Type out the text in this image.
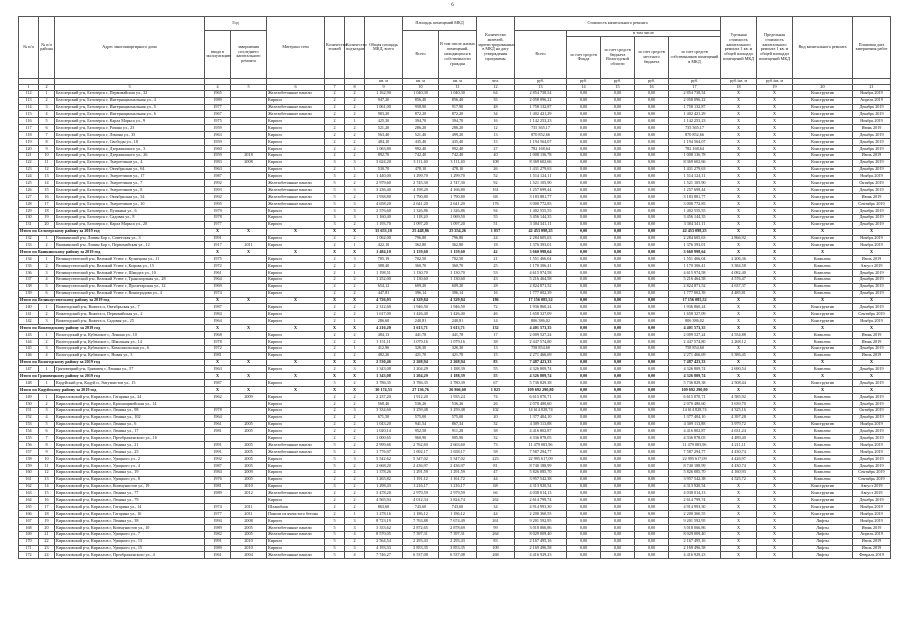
6
№ п/п	№ п/п района	Адрес многоквартирного дома	Год		Материал стен	Количество этажей	Количество подъездов	Общая площадь МКД, всего	Площадь помещений МКД		Количество жителей, зарегистрированных в МКД на дату утверждения программы	Стоимость капитального ремонта					Удельная стоимость капитального ремонта 1 кв. м общей площади помещений МКД	Предельная стоимость капитального ремонта 1 кв. м общей площади помещений МКД	Вид капитального ремонта	Плановая дата завершения работ
			ввода в эксплуатацию	завершения последнего капитального ремонта					Всего	В том числе жилых помещений, находящихся в собственности граждан		Всего	в том числе							
													за счет средств Фонда	за счет средств бюджета Вологодской области	за счет средств местного бюджета	за счет средств собственников помещений в МКД				
								кв. м	кв. м	кв. м	чел.	руб.	руб.	руб.	руб.	руб.	руб./кв. м	руб./кв. м		
1	2	3	4	5	6	7	8	9	10	11	12	13	14	15	16	17	18	19	20	21
112	1	Белозерский р-н, Белозерск г, Первомайская ул., 32	1965		Железобетонные панели	2	2	1 162,90	1 040,30	1 040,30	64	2 854 738,54	0,00	0,00	0,00	2 854 738,54	X	X	Конструктив	Ноябрь 2019
113	2	Белозерский р-н, Белозерск г, Интернациональная ул., 4	1989		Кирпич	2	2	947,20	856,40	856,40	35	2 058 096,22	0,00	0,00	0,00	2 058 096,22	X	X	Конструктив	Апрель 2019
114	3	Белозерский р-н, Белозерск г, Интернациональная ул., 5	1977		Железобетонные панели	2	2	1 061,00	958,90	917,90	48	1 758 132,87	0,00	0,00	0,00	1 758 132,87	X	X	Конструктив	Декабрь 2019
115	4	Белозерский р-н, Белозерск г, Интернациональная ул., 6	1967		Железобетонные панели	2	2	983,20	872,20	872,20	34	1 402 421,29	0,00	0,00	0,00	1 402 421,29	X	X	Конструктив	Декабрь 2019
116	5	Белозерский р-н, Белозерск г, Карла Маркса ул., 9	1975		Кирпич	2	1	425,30	394,70	394,70	16	1 142 253,23	0,00	0,00	0,00	1 142 253,23	X	X	Конструктив	Ноябрь 2019
117	6	Белозерский р-н, Белозерск г, Разина ул., 23	1959		Кирпич	2	2	521,20	286,20	286,20	12	735 365,17	0,00	0,00	0,00	735 365,17	X	X	Конструктив	Июнь 2019
118	7	Белозерский р-н, Белозерск г, Ленина ул., 35	1963		Кирпич	2	2	563,40	521,40	499,20	13	870 852,66	0,00	0,00	0,00	870 852,66	X	X	Конструктив	Декабрь 2019
119	8	Белозерский р-н, Белозерск г, Свободы ул., 18	1959		Кирпич	2	2	484,10	435,40	435,40	15	1 194 564,07	0,00	0,00	0,00	1 194 564,07	X	X	Конструктив	Декабрь 2019
120	9	Белозерский р-н, Белозерск г, Дзержинского ул., 3	1960		Кирпич	2	2	1 063,80	992,40	992,40	27	782 168,64	0,00	0,00	0,00	782 168,64	X	X	Конструктив	Декабрь 2019
121	10	Белозерский р-н, Белозерск г, Дзержинского ул., 26	1959	2018	Кирпич	2	2	892,70	742,40	742,40	40	1 008 136,78	0,00	0,00	0,00	1 008 136,78	X	X	Конструктив	Июль 2019
122	11	Белозерский р-н, Белозерск г, Энергетиков ул., 4	1983	2008	Кирпич	3	3	3 624,20	3 111,40	3 111,40	108	8 369 602,66	0,00	0,00	0,00	8 369 602,66	X	X	Конструктив	Декабрь 2019
123	12	Белозерский р-н, Белозерск г, Октябрьская ул., 64	1963		Кирпич	2	1	530,70	478,10	478,10	26	1 431 279,63	0,00	0,00	0,00	1 431 279,63	X	X	Конструктив	Декабрь 2019
124	13	Белозерский р-н, Белозерск г, Энергетиков ул., 17	1987		Кирпич	3	2	1 440,00	1 299,70	1 299,70	52	1 514 124,11	0,00	0,00	0,00	1 514 124,11	X	X	Конструктив	Ноябрь 2019
125	14	Белозерский р-н, Белозерск г, Энергетиков ул., 7	1992		Железобетонные панели	5	2	2 979,60	2 745,30	2 747,30	92	1 521 105,90	0,00	0,00	0,00	1 521 105,90	X	X	Конструктив	Октябрь 2019
126	15	Белозерский р-н, Белозерск г, Энергетиков ул., 8	1993		Железобетонные панели	5	3	3 236,40	4 198,20	4 166,80	161	1 257 699,44	0,00	0,00	0,00	1 257 699,44	X	X	Конструктив	Декабрь 2019
127	16	Белозерский р-н, Белозерск г, Октябрьская ул., 54	1992		Железобетонные панели	5	2	1 938,80	1 790,80	1 790,80	68	3 183 881,77	0,00	0,00	0,00	3 183 881,77	X	X	Конструктив	Июнь 2019
128	17	Белозерский р-н, Белозерск г, Энергетиков ул., 10	1995		Железобетонные панели	5	3	4 658,20	2 641,20	2 641,20	176	3 000 772,85	0,00	0,00	0,00	3 000 772,85	X	X	Конструктив	Сентябрь 2019
129	18	Белозерский р-н, Белозерск г, Пушкина ул., 6	1979		Кирпич	3	3	2 576,60	1 326,86	1 326,86	94	1 402 555,55	0,00	0,00	0,00	1 402 555,55	X	X	Конструктив	Декабрь 2019
130	19	Белозерский р-н, Белозерск г, Садовая ул., 8	1978		Кирпич	3	3	1 160,40	1 118,20	1 069,50	55	3 456 144,35	0,00	0,00	0,00	3 456 144,35	X	X	Конструктив	Декабрь 2019
131	20	Белозерский р-н, Белозерск г, Карла Маркса ул., 20	1977		Кирпич	3	2	1 193,70	1 097,20	1 097,20	51	3 304 341,11	0,00	0,00	0,00	3 304 341,11	X	X	Конструктив	Декабрь 2019
Итого по Белозерскому району за 2019 год			X	X	X	X	X	35 653,10	25 448,86	25 254,26	1 057	42 453 098,25	0,00	0,00	0,00	42 453 098,25	X	X	X	X
132	1	Вашкинский р-н, Липин Бор с, Советская ул., 3	1991		Кирпич	2	2	1 062,00	796,80	796,80	24	2 284 605,63	0,00	0,00	0,00	2 284 605,63	2 866,92	X	Конструктив	Ноябрь 2019
133	2	Вашкинский р-н, Липин Бор с, Первомайская ул., 12	1917	2011	Кирпич	2	1	422,10	362,80	362,80	18	1 376 393,01	0,00	0,00	0,00	1 376 393,01	X	X	Конструктив	Ноябрь 2019
Итого по Вашкинскому району за 2019 год			X	X	X	X	X	1 484,10	1 159,60	1 159,60	42	3 660 998,64	0,00	0,00	0,00	3 660 998,64	X	X	X	X
134	1	Великоустюгский р-н, Великий Устюг г, Кузнецова ул., 11	1975		Кирпич	2	3	785,19	702,50	702,50	21	1 551 466,04	0,00	0,00	0,00	1 551 466,04	2 206,36	X	Комплекс	Июль 2019
135	2	Великоустюгский р-н, Великий Устюг г, Кирова ул., 15	1972		Кирпич	2	2	388,40	360,70	360,70	25	1 170 306,41	0,00	0,00	0,00	1 170 306,41	3 384,58	X	Комплекс	Август 2019
136	3	Великоустюгский р-н, Великий Устюг г, Шмидта ул., 10	1961		Кирпич	2	1	1 198,51	1 130,70	1 130,70	53	4 615 974,58	0,00	0,00	0,00	4 615 974,58	4 082,40	X	Комплекс	Декабрь 2019
137	4	Великоустюгский р-н, Великий Устюг г, Транспортная ул., 28	1964		Кирпич	2	2	1 252,00	1 130,60	1 130,60	43	5 216 464,58	0,00	0,00	0,00	5 216 464,58	4 576,47	X	Комплекс	Декабрь 2019
138	5	Великоустюгский р-н, Великий Устюг г, Пролетарская ул., 12	1969		Кирпич	2	2	654,12	609,20	609,20	28	2 824 871,52	0,00	0,00	0,00	2 824 871,52	4 637,37	X	Комплекс	Декабрь 2019
139	6	Великоустюгский р-н, Великий Устюг г, Виноградова ул., 4	1974		Кирпич	2	2	447,81	396,14	396,14	16	1 777 002,39	0,00	0,00	0,00	1 777 002,39	4 485,81	X	Комплекс	Декабрь 2019
Итого по Великоустюгскому району за 2019 год			X	X	X	X	X	4 726,03	4 329,84	4 329,84	186	17 156 085,52	0,00	0,00	0,00	17 156 085,52	X	X	X	X
140	1	Вожегодский р-н, Вожега п, Октябрьская ул., 7	1987		Кирпич	2	2	2 312,60	1 946,50	1 946,50	72	1 936 860,24	0,00	0,00	0,00	1 936 860,24	X	X	Конструктив	Декабрь 2019
141	2	Вожегодский р-н, Вожега п, Первомайская ул., 2	1984		Кирпич	2	2	1 617,00	1 426,40	1 426,40	46	1 658 327,09	0,00	0,00	0,00	1 658 327,09	X	X	Конструктив	Сентябрь 2019
142	3	Вожегодский р-н, Вожега п, Садовая ул., 25	1964		Кирпич	2	1	286,60	240,81	240,81	14	806 386,02	0,00	0,00	0,00	806 386,02	X	X	Конструктив	Ноябрь 2019
Итого по Вожегодскому району за 2019 год			X	X	X	X	X	4 216,20	3 613,71	3 613,71	132	4 401 573,35	0,00	0,00	0,00	4 401 573,35	X	X	X	X
143	1	Вологодский р-н, Кубенское с, Ленина ул., 10	1968		Кирпич	2	2	484,13	441,78	441,78	17	2 009 527,24	0,00	0,00	0,00	2 009 527,24	4 554,88	X	Комплекс	Июнь 2019
144	2	Вологодский р-н, Кубенское с, Школьная ул., 14	1978		Кирпич	2	2	1 151,11	1 079,16	1 079,16	38	2 447 574,80	0,00	0,00	0,00	2 447 574,80	2 268,12	X	Комплекс	Июнь 2019
145	3	Вологодский р-н, Кубенское с, Комсомольская ул., 6	1972		Кирпич	2	1	412,96	326,30	326,30	13	758 854,60	0,00	0,00	0,00	758 854,60	X	X	Конструктив	Декабрь 2019
146	4	Вологодский р-н, Кубенское с, Новая ул., 3	1981		Кирпич	2	2	482,26	421,70	421,70	15	2 271 466,69	0,00	0,00	0,00	2 271 466,69	5 386,45	X	Комплекс	Июль 2019
Итого по Вологодскому району за 2019 год			X	X	X	X	X	2 530,46	2 268,94	2 268,94	83	7 487 423,33	0,00	0,00	0,00	7 487 423,33	X	X	X	X
147	1	Грязовецкий р-н, Грязовец г, Ленина ул., 57	1963		Кирпич	2	3	1 343,08	1 204,29	1 188,39	55	4 326 809,74	0,00	0,00	0,00	4 326 809,74	2 690,54	X	Комплекс	Декабрь 2019
Итого по Грязовецкому району за 2019 год			X	X	X	X	X	1 343,08	1 204,29	1 188,39	55	4 326 809,74	0,00	0,00	0,00	4 326 809,74	X	X	X	X
148	1	Кадуйский р-н, Кадуй п, Энтузиастов ул., 15	1987		Кирпич	5	2	3 786,35	3 786,35	3 780,39	67	5 736 829,38	0,00	0,00	0,00	5 736 829,38	2 508,44	X	Конструктив	Декабрь 2019
Итого по Кадуйскому району за 2019 год			X	X	X	X	X	30 174,53	27 136,76	26 866,60	1 025	109 692 290,80	0,00	0,00	0,00	109 692 290,80	X	X	X	X
149	1	Кирилловский р-н, Кириллов г, Гагарина ул., 24	1962	2009	Кирпич	2	2	2 237,20	1 912,20	1 935,24	74	6 615 070,71	0,00	0,00	0,00	6 615 070,71	4 585,92	X	Комплекс	Декабрь 2019
150	2	Кирилловский р-н, Кириллов г, Красноармейская ул., 14			Кирпич	2	2	568,46	536,26	536,26	26	2 070 480,60	0,00	0,00	0,00	2 070 480,60	3 639,70	X	Комплекс	Декабрь 2019
151	3	Кирилловский р-н, Кириллов г, Ленина ул., 98	1978		Кирпич	2	3	3 334,60	3 259,48	3 259,48	102	14 614 828,74	0,00	0,00	0,00	14 614 828,74	4 325,16	X	Комплекс	Октябрь 2019
152	4	Кирилловский р-н, Кириллов г, Ленина ул., 102	1964		Кирпич	2	2	671,50	575,00	575,00	20	1 377 404,10	0,00	0,00	0,00	1 377 404,10	4 397,28	X	Комплекс	Декабрь 2019
153	5	Кирилловский р-н, Кириллов г, Ленина ул., 6	1961	2005	Кирпич	2	2	1 043,20	941,54	867,34	32	4 309 113,88	0,00	0,00	0,00	4 309 113,88	3 979,72	X	Конструктив	Ноябрь 2019
154	6	Кирилловский р-н, Кириллов г, Ленина ул., 17	1981	2005	Кирпич	2	2	1 020,14	952,58	911,28	38	4 416 802,87	0,00	0,00	0,00	4 416 802,87	4 631,24	X	Комплекс	Декабрь 2019
155	7	Кирилловский р-н, Кириллов г, Преображенского ул., 16			Кирпич	2	2	1 000,65	960,90	905,90	32	4 336 878,05	0,00	0,00	0,00	4 336 878,05	4 489,40	X	Комплекс	Декабрь 2019
156	8	Кирилловский р-н, Кириллов г, Ленина ул., 21	1991	2005	Железобетонные панели	5	2	2 999,66	2 762,60	2 663,60	73	11 479 083,96	0,00	0,00	0,00	11 479 083,96	4 211,11	X	Комплекс	Ноябрь 2019
157	9	Кирилловский р-н, Кириллов г, Ленина ул., 25	1991	2005	Железобетонные панели	5	2	1 776,97	1 692,17	1 658,17	58	7 587 294,77	0,00	0,00	0,00	7 587 294,77	4 430,74	X	Комплекс	Ноябрь 2019
158	10	Кирилловский р-н, Кириллов г, Урицкого ул., 2	1992	2005	Кирпич	5	3	5 542,62	5 347,02	5 347,02	223	22 995 617,09	0,00	0,00	0,00	22 995 617,09	4 426,97	X	Комплекс	Декабрь 2019
159	11	Кирилловский р-н, Кириллов г, Урицкого ул., 4	1987	2005	Кирпич	5	2	2 668,20	2 436,97	2 436,97	81	8 740 188,99	0,00	0,00	0,00	8 740 188,99	4 430,74	X	Комплекс	Декабрь 2019
160	12	Кирилловский р-н, Кириллов г, Ленина ул., 19	1984	2009	Кирпич	2	2	1 378,26	1 291,59	1 291,59	47	5 826 085,70	0,00	0,00	0,00	5 826 085,70	4 160,93	X	Комплекс	Сентябрь 2019
161	13	Кирилловский р-н, Кириллов г, Урицкого ул., 8	1976	2005	Кирпич	2	2	1 265,82	1 191,12	1 161,72	44	3 957 542,38	0,00	0,00	0,00	3 957 542,38	4 525,72	X	Комплекс	Сентябрь 2019
162	14	Кирилловский р-н, Кириллов г, Коммунистов ул., 19	1981	2010	Кирпич	3	2	1 298,43	1 216,17	1 216,17	68	4 313 920,54	0,00	0,00	0,00	4 313 920,54	X	X	Конструктив	Август 2019
163	15	Кирилловский р-н, Кириллов г, Ленина ул., 77	1989	2012	Железобетонные панели	2	2	3 478,20	2 979,59	2 979,59	66	4 038 014,13	0,00	0,00	0,00	4 038 014,13	X	X	Конструктив	Август 2019
164	16	Кирилловский р-н, Кириллов г, Ленина ул., 79			Кирпич	2	2	4 565,94	4 012,34	3 824,74	262	2 614 799,74	0,00	0,00	0,00	2 614 799,74	X	X	Конструктив	Декабрь 2019
165	17	Кирилловский р-н, Кириллов г, Гагарина ул., 14	1974	2011	Шлакоблок	2	2	863,60	743,60	743,60	34	4 914 993,30	0,00	0,00	0,00	4 914 993,30	X	X	Конструктив	Ноябрь 2019
166	18	Кирилловский р-н, Кириллов г, Гагарина ул., 16	1977	2011	Панели из ячеистого бетона	2	1	1 278,16	1 186,12	1 186,12	44	2 200 360,55	0,00	0,00	0,00	2 200 360,55	X	X	Конструктив	Ноябрь 2019
167	19	Кирилловский р-н, Кириллов г, Ленина ул., 38	1994	2008	Кирпич	5	3	8 723,19	7 763,88	7 674,49	261	9 201 592,95	0,00	0,00	0,00	9 201 592,95	X	X	Лифты	Ноябрь 2019
168	20	Кирилловский р-н, Кириллов г, Коммунистов ул., 10	1989	2005	Железобетонные панели	5	3	3 333,62	2 872,65	2 878,69	99	3 018 066,86	0,00	0,00	0,00	3 018 066,86	X	X	Лифты	Июнь 2019
169	21	Кирилловский р-н, Кириллов г, Урицкого ул., 7	1982	2005	Железобетонные панели	5	4	8 570,05	7 397,31	7 397,31	264	8 029 009,40	0,00	0,00	0,00	8 029 009,40	X	X	Лифты	Апрель 2019
170	22	Кирилловский р-н, Кириллов г, Урицкого ул., 13	1991	2010	Кирпич	5	2	2 564,54	2 293,43	2 293,43	83	2 167 495,16	0,00	0,00	0,00	2 167 495,16	X	X	Лифты	Июль 2019
171	23	Кирилловский р-н, Кириллов г, Урицкого ул., 15	1989	2010	Кирпич	5	3	4 193,33	3 853,35	3 853,35	109	2 169 496,58	0,00	0,00	0,00	2 169 496,58	X	X	Лифты	Июль 2019
172	24	Кирилловский р-н, Кириллов г, Преображенского ул., 4	1961	2004	Железобетонные панели	5	4	7 746,27	6 537,08	6 537,08	268	4 416 929,23	0,00	0,00	0,00	4 416 929,23	X	X	Лифты	Февраль 2019
